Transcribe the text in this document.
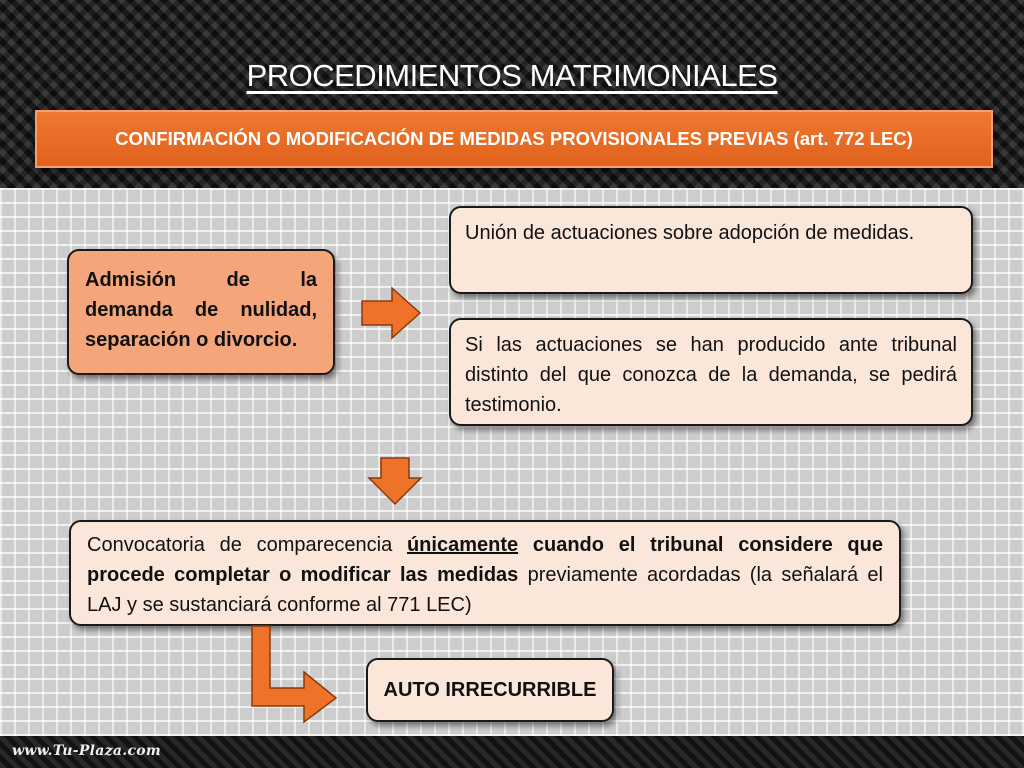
PROCEDIMIENTOS MATRIMONIALES
CONFIRMACIÓN O MODIFICACIÓN DE MEDIDAS PROVISIONALES PREVIAS (art. 772 LEC)
Admisión de la demanda de nulidad, separación o divorcio.
Unión de actuaciones sobre adopción de medidas.
Si las actuaciones se han producido ante tribunal distinto del que conozca de la demanda, se pedirá testimonio.
Convocatoria de comparecencia únicamente cuando el tribunal considere que procede completar o modificar las medidas previamente acordadas (la señalará el LAJ y se sustanciará conforme al 771 LEC)
AUTO IRRECURRIBLE
www.Tu-Plaza.com
